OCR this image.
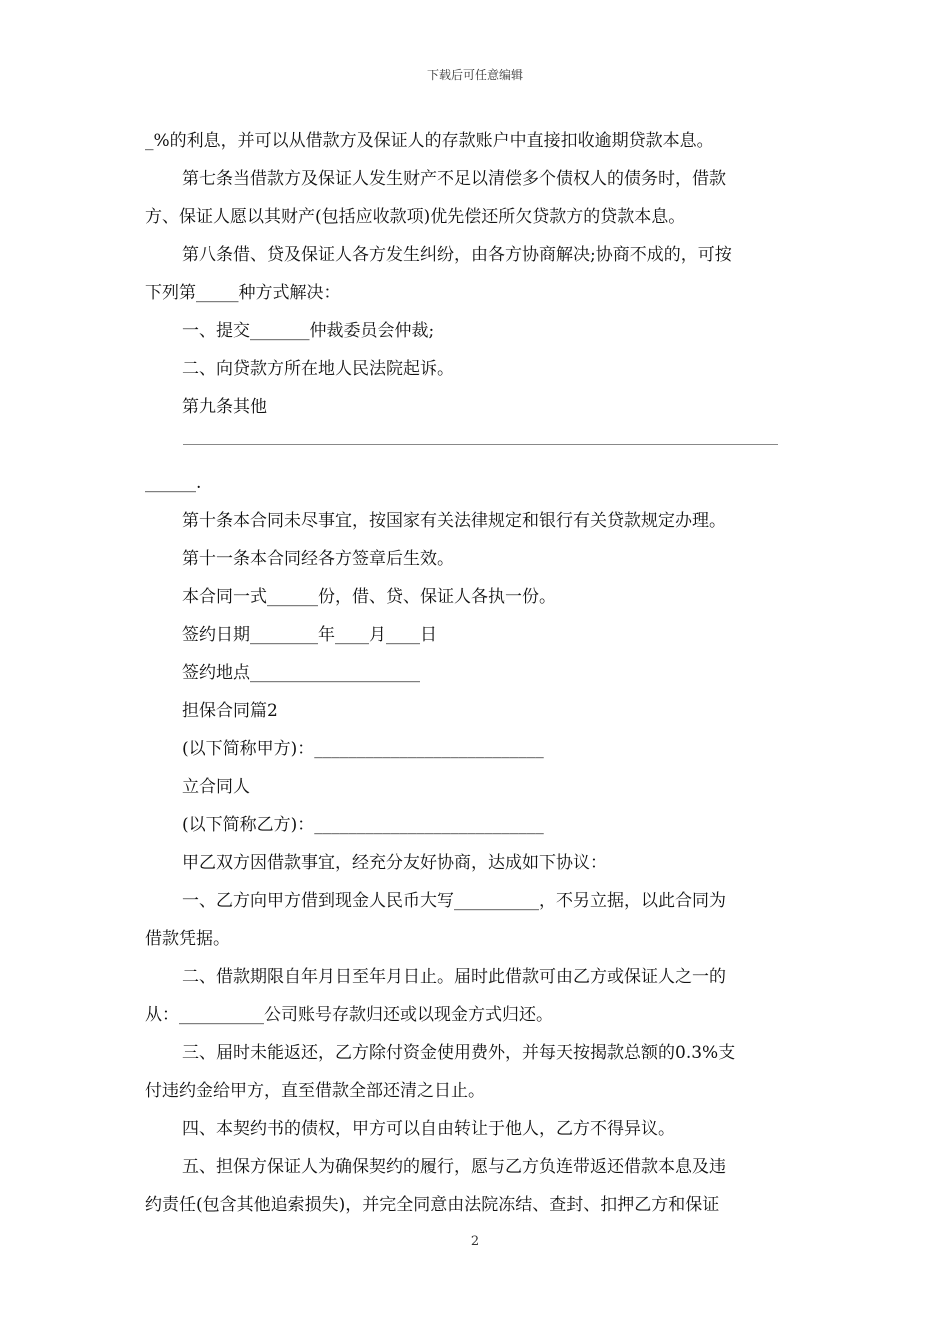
下载后可任意编辑
_%的利息，并可以从借款方及保证人的存款账户中直接扣收逾期贷款本息。
第七条当借款方及保证人发生财产不足以清偿多个债权人的债务时，借款
方、保证人愿以其财产(包括应收款项)优先偿还所欠贷款方的贷款本息。
第八条借、贷及保证人各方发生纠纷，由各方协商解决;协商不成的，可按
下列第_____种方式解决：
一、提交_______仲裁委员会仲裁;
二、向贷款方所在地人民法院起诉。
第九条其他

______.
第十条本合同未尽事宜，按国家有关法律规定和银行有关贷款规定办理。
第十一条本合同经各方签章后生效。
本合同一式______份，借、贷、保证人各执一份。
签约日期________年____月____日
签约地点____________________
担保合同篇2
(以下简称甲方)：___________________________
立合同人
(以下简称乙方)：___________________________
甲乙双方因借款事宜，经充分友好协商，达成如下协议：
一、乙方向甲方借到现金人民币大写__________，不另立据，以此合同为
借款凭据。
二、借款期限自年月日至年月日止。届时此借款可由乙方或保证人之一的
从：__________公司账号存款归还或以现金方式归还。
三、届时未能返还，乙方除付资金使用费外，并每天按揭款总额的0.3%支
付违约金给甲方，直至借款全部还清之日止。
四、本契约书的债权，甲方可以自由转让于他人，乙方不得异议。
五、担保方保证人为确保契约的履行，愿与乙方负连带返还借款本息及违
约责任(包含其他追索损失)，并完全同意由法院冻结、查封、扣押乙方和保证
2
